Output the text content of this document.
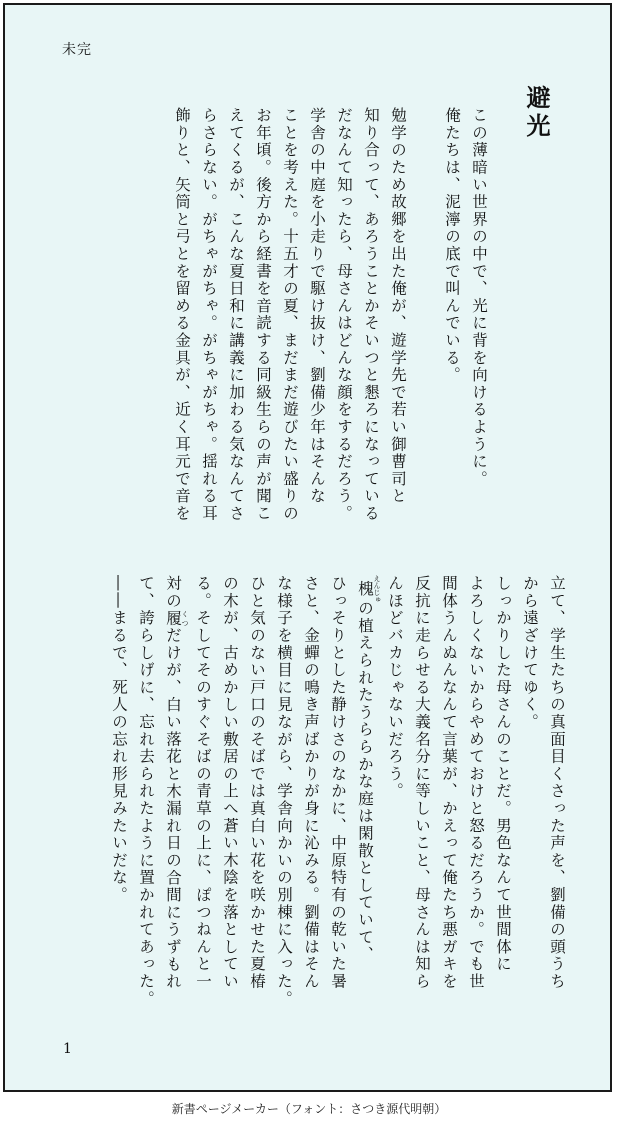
未完
避光

この薄暗い世界の中で、光に背を向けるように。

俺たちは、泥濘の底で叫んでいる。

勉学のため故郷を出た俺が、遊学先で若い御曹司と

知り合って、あろうことかそいつと懇ろになっている

だなんて知ったら、母さんはどんな顔をするだろう。

学舎の中庭を小走りで駆け抜け、劉備少年はそんな

ことを考えた。十五才の夏、まだまだ遊びたい盛りの

お年頃。後方から経書を音読する同級生らの声が聞こ

えてくるが、こんな夏日和に講義に加わる気なんてさ

らさらない。がちゃがちゃ。がちゃがちゃ。揺れる耳

飾りと、矢筒と弓とを留める金具が、近く耳元で音を

立て、学生たちの真面目くさった声を、劉備の頭うち

から遠ざけてゆく。

しっかりした母さんのことだ。男色なんて世間体に

よろしくないからやめておけと怒るだろうか。でも世

間体うんぬんなんて言葉が、かえって俺たち悪ガキを

反抗に走らせる大義名分に等しいこと、母さんは知ら

んほどバカじゃないだろう。

槐 えんじゅの植えられたうららかな庭は閑散としていて、

ひっそりとした静けさのなかに、中原特有の乾いた暑

さと、金蟬の鳴き声ばかりが身に沁みる。劉備はそん

な様子を横目に見ながら、学舎向かいの別棟に入った。

ひと気のない戸口のそばでは真白い花を咲かせた夏椿

の木が、古めかしい敷居の上へ蒼い木陰を落としてい

る。そしてそのすぐそばの青草の上に、ぽつねんと一

対の履 くつだけが、白い落花と木漏れ日の合間にうずもれ

て、誇らしげに、忘れ去られたように置かれてあった。

――まるで、死人の忘れ形見みたいだな。

1
新書ページメーカー（フォント：さつき源代明朝）
